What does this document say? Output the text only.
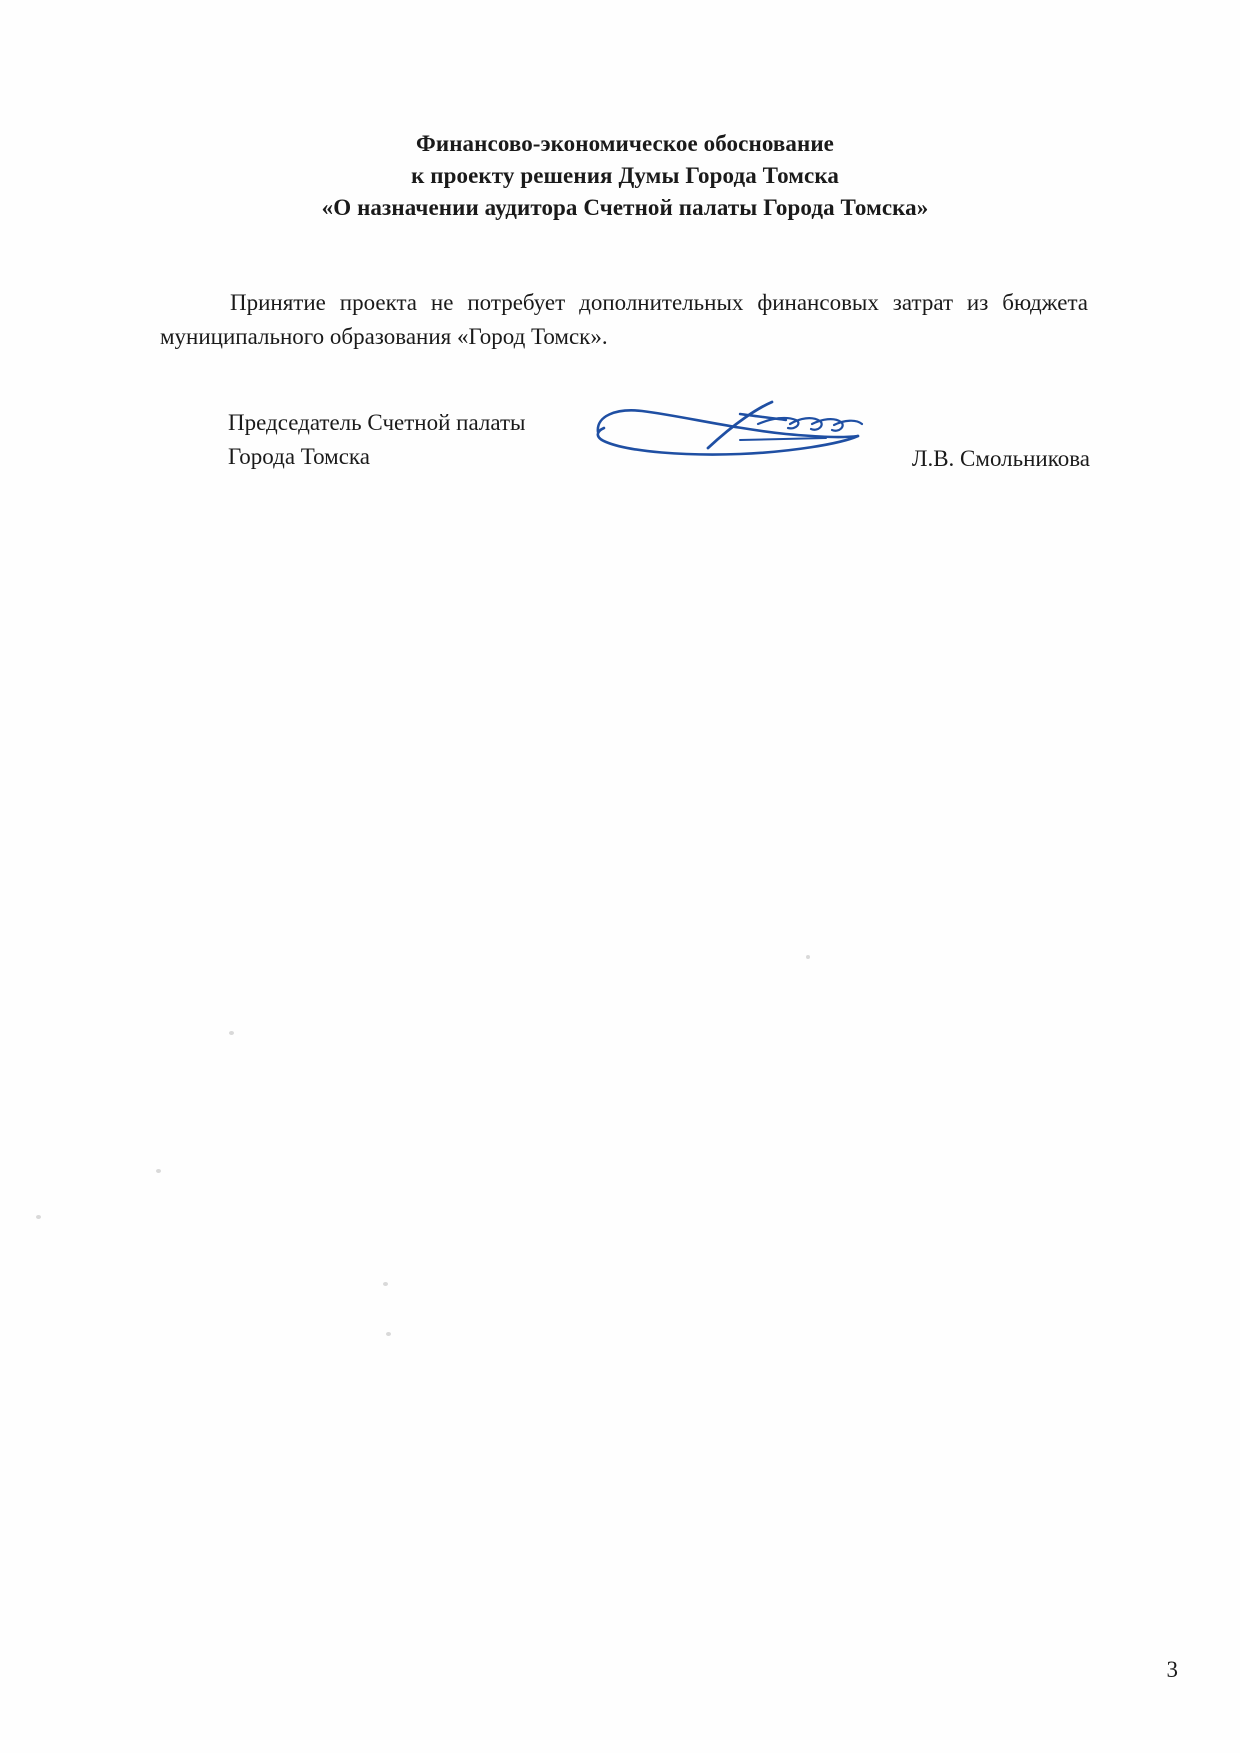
Финансово-экономическое обоснование
к проекту решения Думы Города Томска
«О назначении аудитора Счетной палаты Города Томска»

Принятие проекта не потребует дополнительных финансовых затрат из бюджета муниципального образования «Город Томск».

Председатель Счетной палаты
Города Томска	Л.В. Смольникова
3
